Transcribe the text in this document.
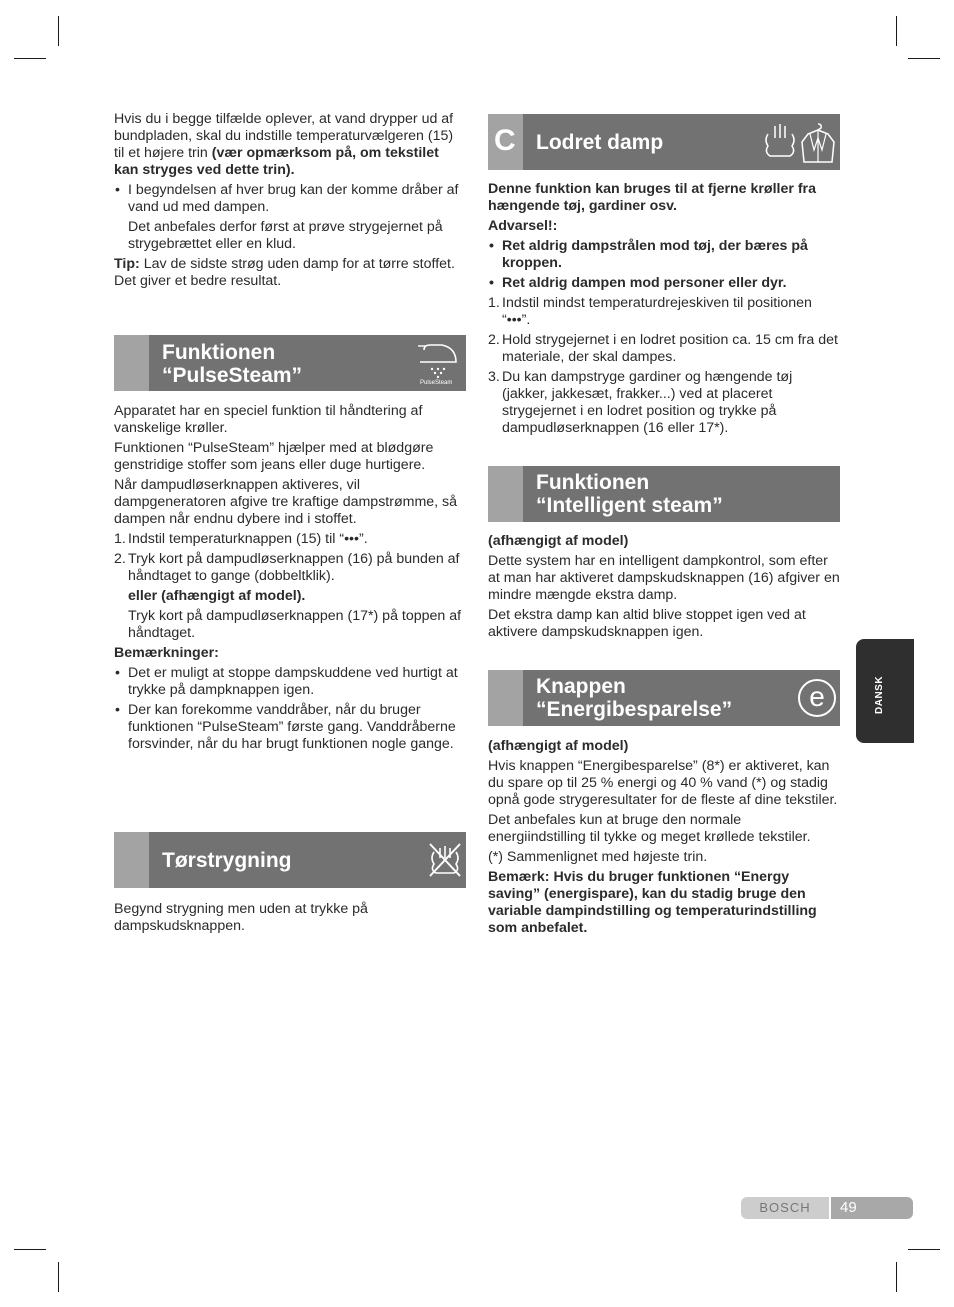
Hvis du i begge tilfælde oplever, at vand drypper ud af bundpladen, skal du indstille temperaturvælgeren (15) til et højere trin (vær opmærksom på, om tekstilet kan stryges ved dette trin).

• I begyndelsen af hver brug kan der komme dråber af vand ud med dampen.
Det anbefales derfor først at prøve strygejernet på strygebrættet eller en klud.

Tip: Lav de sidste strøg uden damp for at tørre stoffet. Det giver et bedre resultat.

Funktionen
“PulseSteam”	PulseSteam

Apparatet har en speciel funktion til håndtering af vanskelige krøller.

Funktionen “PulseSteam” hjælper med at blødgøre genstridige stoffer som jeans eller duge hurtigere.

Når dampudløserknappen aktiveres, vil dampgeneratoren afgive tre kraftige dampstrømme, så dampen når endnu dybere ind i stoffet.

1. Indstil temperaturknappen (15) til “•••”.
2. Tryk kort på dampudløserknappen (16) på bunden af håndtaget to gange (dobbeltklik).
eller (afhængigt af model).
Tryk kort på dampudløserknappen (17*) på toppen af håndtaget.

Bemærkninger:

• Det er muligt at stoppe dampskuddene ved hurtigt at trykke på dampknappen igen.
• Der kan forekomme vanddråber, når du bruger funktionen “PulseSteam” første gang. Vanddråberne forsvinder, når du har brugt funktionen nogle gange.
Tørstrygning

Begynd strygning men uden at trykke på dampskudsknappen.

C Lodret damp

Denne funktion kan bruges til at fjerne krøller fra hængende tøj, gardiner osv.

Advarsel!:

• Ret aldrig dampstrålen mod tøj, der bæres på kroppen.
• Ret aldrig dampen mod personer eller dyr.
1. Indstil mindst temperaturdrejeskiven til positionen “•••”.
2. Hold strygejernet i en lodret position ca. 15 cm fra det materiale, der skal dampes.
3. Du kan dampstryge gardiner og hængende tøj (jakker, jakkesæt, frakker...) ved at placeret strygejernet i en lodret position og trykke på dampudløserknappen (16 eller 17*).
Funktionen
“Intelligent steam”

(afhængigt af model)

Dette system har en intelligent dampkontrol, som efter at man har aktiveret dampskudsknappen (16) afgiver en mindre mængde ekstra damp.

Det ekstra damp kan altid blive stoppet igen ved at aktivere dampskudsknappen igen.

Knappen
“Energibesparelse”	e

(afhængigt af model)

Hvis knappen “Energibesparelse” (8*) er aktiveret, kan du spare op til 25 % energi og 40 % vand (*) og stadig opnå gode strygeresultater for de fleste af dine tekstiler.

Det anbefales kun at bruge den normale energiindstilling til tykke og meget krøllede tekstiler.

(*) Sammenlignet med højeste trin.

Bemærk: Hvis du bruger funktionen “Energy saving” (energispare), kan du stadig bruge den variable dampindstilling og temperaturindstilling som anbefalet.

DANSK
BOSCH	49
